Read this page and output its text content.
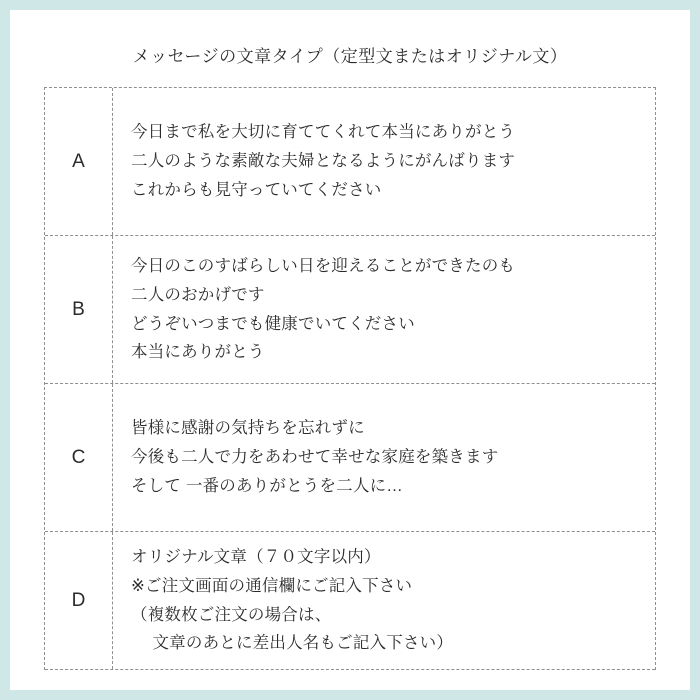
メッセージの文章タイプ（定型文またはオリジナル文）
A
今日まで私を大切に育ててくれて本当にありがとう
二人のような素敵な夫婦となるようにがんばります
これからも見守っていてください
B
今日のこのすばらしい日を迎えることができたのも
二人のおかげです
どうぞいつまでも健康でいてください
本当にありがとう
C
皆様に感謝の気持ちを忘れずに
今後も二人で力をあわせて幸せな家庭を築きます
そして 一番のありがとうを二人に…
D
オリジナル文章（７０文字以内）
※ご注文画面の通信欄にご記入下さい
（複数枚ご注文の場合は、
　 文章のあとに差出人名もご記入下さい）
